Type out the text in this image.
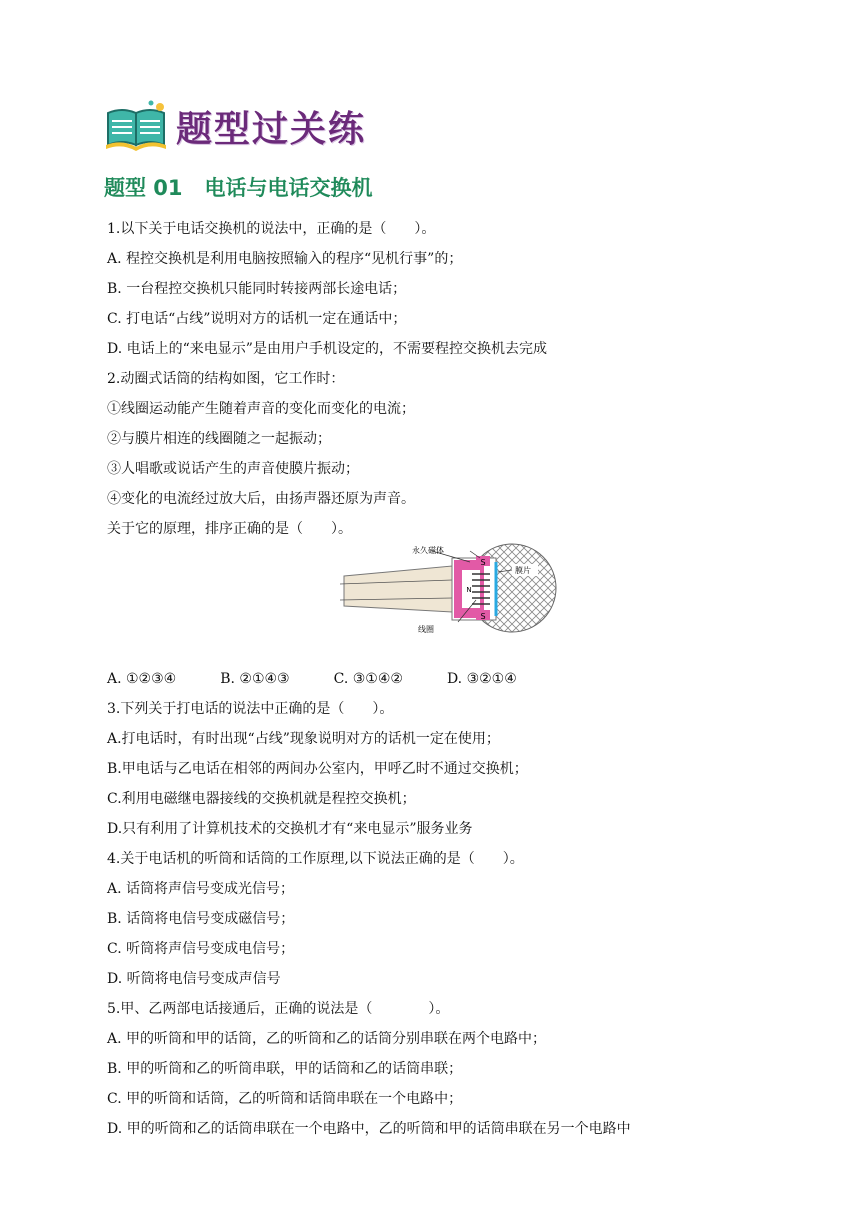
题型过关练
题型 01 电话与电话交换机
1.以下关于电话交换机的说法中，正确的是（　　）。
A. 程控交换机是利用电脑按照输入的程序“见机行事”的；
B. 一台程控交换机只能同时转接两部长途电话；
C. 打电话“占线”说明对方的话机一定在通话中；
D. 电话上的“来电显示”是由用户手机设定的，不需要程控交换机去完成
2.动圈式话筒的结构如图，它工作时：
①线圈运动能产生随着声音的变化而变化的电流；
②与膜片相连的线圈随之一起振动；
③人唱歌或说话产生的声音使膜片振动；
④变化的电流经过放大后，由扬声器还原为声音。
关于它的原理，排序正确的是（　　）。
A. ①②③④	B. ②①④③	C. ③①④②	D. ③②①④
3.下列关于打电话的说法中正确的是（　　）。
A.打电话时，有时出现“占线”现象说明对方的话机一定在使用；
B.甲电话与乙电话在相邻的两间办公室内，甲呼乙时不通过交换机；
C.利用电磁继电器接线的交换机就是程控交换机；
D.只有利用了计算机技术的交换机才有“来电显示”服务业务
4.关于电话机的听筒和话筒的工作原理,以下说法正确的是（　　）。
A. 话筒将声信号变成光信号；
B. 话筒将电信号变成磁信号；
C. 听筒将声信号变成电信号；
D. 听筒将电信号变成声信号
5.甲、乙两部电话接通后，正确的说法是（　　　　）。
A. 甲的听筒和甲的话筒，乙的听筒和乙的话筒分别串联在两个电路中；
B. 甲的听筒和乙的听筒串联，甲的话筒和乙的话筒串联；
C. 甲的听筒和话筒，乙的听筒和话筒串联在一个电路中；
D. 甲的听筒和乙的话筒串联在一个电路中，乙的听筒和甲的话筒串联在另一个电路中
S
S
N
永久磁体
膜片
线圈
